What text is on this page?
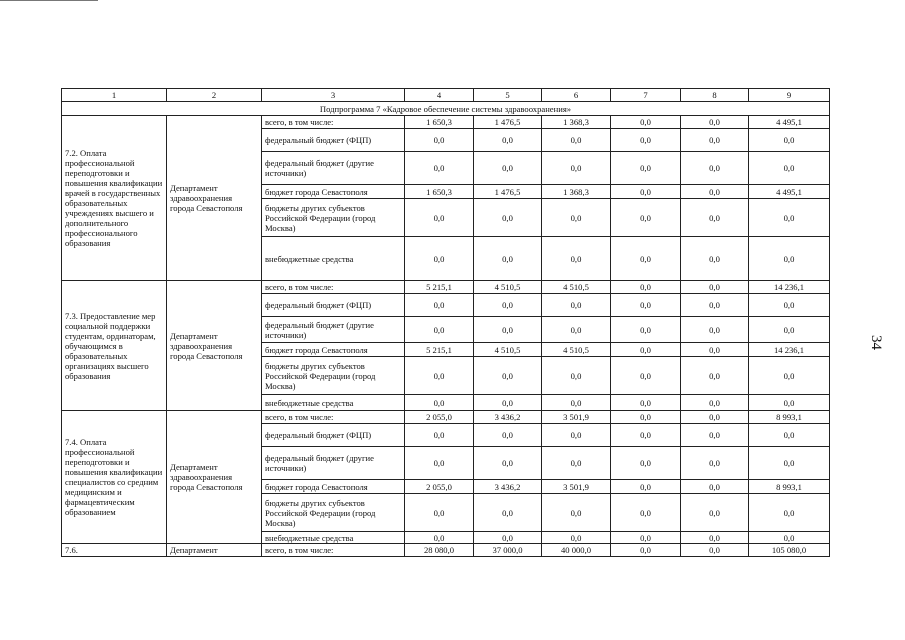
1	2	3	4	5	6	7	8	9
Подпрограмма 7 «Кадровое обеспечение системы здравоохранения»								
7.2. Оплата профессиональной переподготовки и повышения квалификации врачей в государственных образовательных учреждениях высшего и дополнительного профессионального образования	Департамент здравоохранения города Севастополя	всего, в том числе:	1 650,3	1 476,5	1 368,3	0,0	0,0	4 495,1
		федеральный бюджет (ФЦП)	0,0	0,0	0,0	0,0	0,0	0,0
		федеральный бюджет (другие источники)	0,0	0,0	0,0	0,0	0,0	0,0
		бюджет города Севастополя	1 650,3	1 476,5	1 368,3	0,0	0,0	4 495,1
		бюджеты других субъектов Российской Федерации (город Москва)	0,0	0,0	0,0	0,0	0,0	0,0
		внебюджетные средства	0,0	0,0	0,0	0,0	0,0	0,0
7.3. Предоставление мер социальной поддержки студентам, ординаторам, обучающимся в образовательных организациях высшего образования	Департамент здравоохранения города Севастополя	всего, в том числе:	5 215,1	4 510,5	4 510,5	0,0	0,0	14 236,1
		федеральный бюджет (ФЦП)	0,0	0,0	0,0	0,0	0,0	0,0
		федеральный бюджет (другие источники)	0,0	0,0	0,0	0,0	0,0	0,0
		бюджет города Севастополя	5 215,1	4 510,5	4 510,5	0,0	0,0	14 236,1
		бюджеты других субъектов Российской Федерации (город Москва)	0,0	0,0	0,0	0,0	0,0	0,0
		внебюджетные средства	0,0	0,0	0,0	0,0	0,0	0,0
7.4. Оплата профессиональной переподготовки и повышения квалификации специалистов со средним медицинским и фармацевтическим образованием	Департамент здравоохранения города Севастополя	всего, в том числе:	2 055,0	3 436,2	3 501,9	0,0	0,0	8 993,1
		федеральный бюджет (ФЦП)	0,0	0,0	0,0	0,0	0,0	0,0
		федеральный бюджет (другие источники)	0,0	0,0	0,0	0,0	0,0	0,0
		бюджет города Севастополя	2 055,0	3 436,2	3 501,9	0,0	0,0	8 993,1
		бюджеты других субъектов Российской Федерации (город Москва)	0,0	0,0	0,0	0,0	0,0	0,0
		внебюджетные средства	0,0	0,0	0,0	0,0	0,0	0,0
7.6.	Департамент	всего, в том числе:	28 080,0	37 000,0	40 000,0	0,0	0,0	105 080,0
34
